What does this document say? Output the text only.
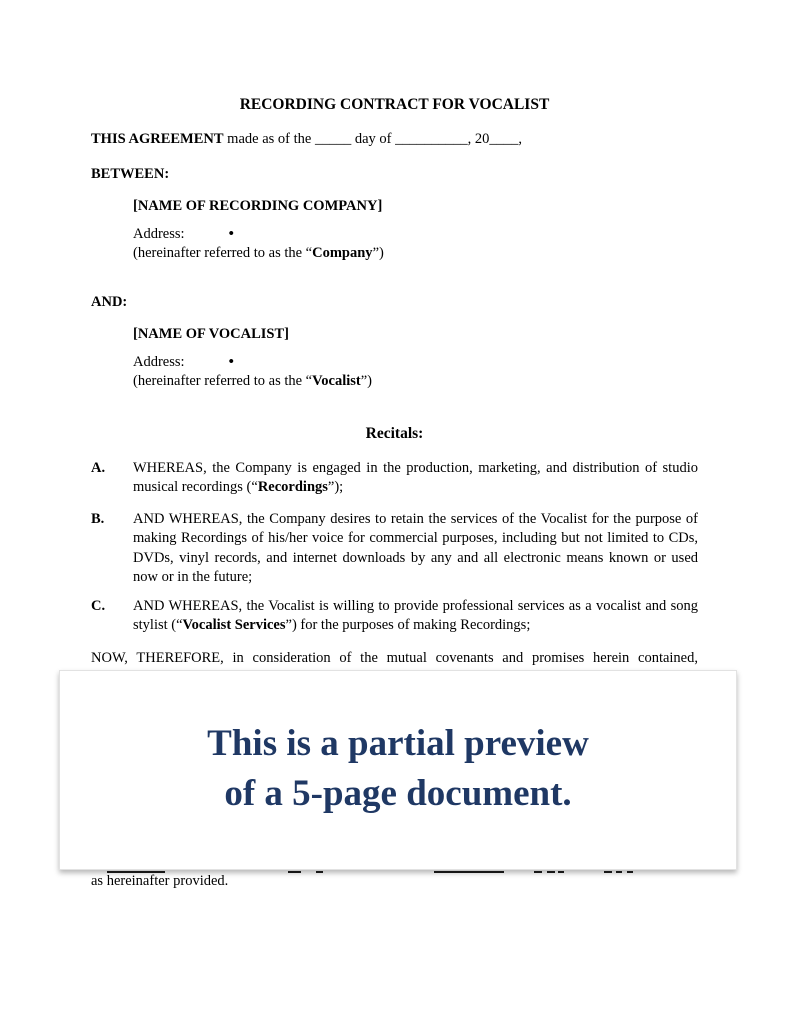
RECORDING CONTRACT FOR VOCALIST

THIS AGREEMENT made as of the _____ day of __________, 20____,

BETWEEN:

[NAME OF RECORDING COMPANY]

Address:	•

(hereinafter referred to as the “Company”)

AND:

[NAME OF VOCALIST]

Address:	•

(hereinafter referred to as the “Vocalist”)

Recitals:
A. WHEREAS, the Company is engaged in the production, marketing, and distribution of studio musical recordings (“Recordings”);
B. AND WHEREAS, the Company desires to retain the services of the Vocalist for the purpose of making Recordings of his/her voice for commercial purposes, including but not limited to CDs, DVDs, vinyl records, and internet downloads by any and all electronic means known or used now or in the future;
C. AND WHEREAS, the Vocalist is willing to provide professional services as a vocalist and song stylist (“Vocalist Services”) for the purposes of making Recordings;

NOW, THEREFORE, in consideration of the mutual covenants and promises herein contained,

as hereinafter provided.

This is a partial preview
of a 5-page document.
